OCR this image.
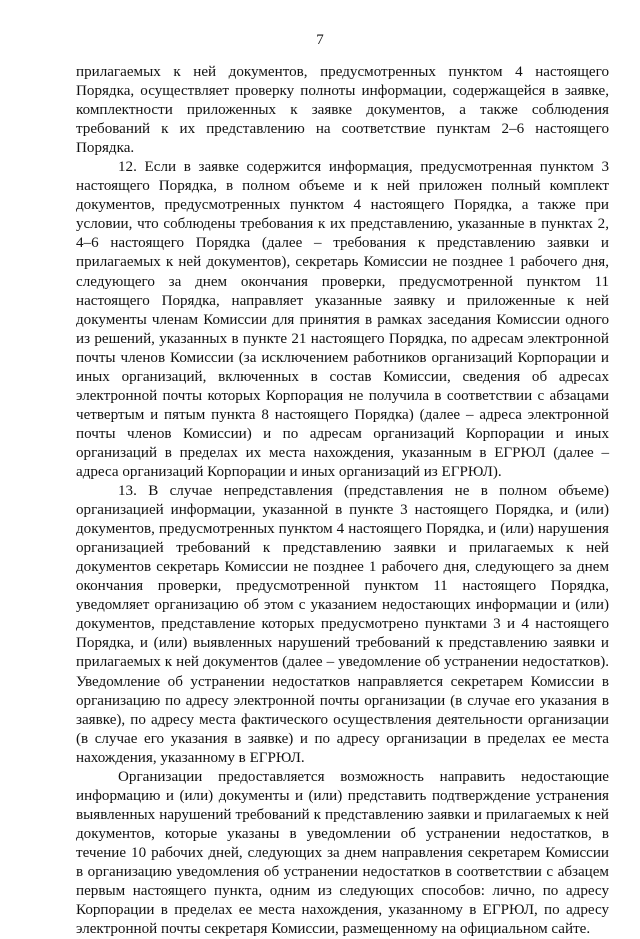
7

прилагаемых к ней документов, предусмотренных пунктом 4 настоящего Порядка, осуществляет проверку полноты информации, содержащейся в заявке, комплектности приложенных к заявке документов, а также соблюдения требований к их представлению на соответствие пунктам 2–6 настоящего Порядка.

12. Если в заявке содержится информация, предусмотренная пунктом 3 настоящего Порядка, в полном объеме и к ней приложен полный комплект документов, предусмотренных пунктом 4 настоящего Порядка, а также при условии, что соблюдены требования к их представлению, указанные в пунктах 2, 4–6 настоящего Порядка (далее – требования к представлению заявки и прилагаемых к ней документов), секретарь Комиссии не позднее 1 рабочего дня, следующего за днем окончания проверки, предусмотренной пунктом 11 настоящего Порядка, направляет указанные заявку и приложенные к ней документы членам Комиссии для принятия в рамках заседания Комиссии одного из решений, указанных в пункте 21 настоящего Порядка, по адресам электронной почты членов Комиссии (за исключением работников организаций Корпорации и иных организаций, включенных в состав Комиссии, сведения об адресах электронной почты которых Корпорация не получила в соответствии с абзацами четвертым и пятым пункта 8 настоящего Порядка) (далее – адреса электронной почты членов Комиссии) и по адресам организаций Корпорации и иных организаций в пределах их места нахождения, указанным в ЕГРЮЛ (далее – адреса организаций Корпорации и иных организаций из ЕГРЮЛ).

13. В случае непредставления (представления не в полном объеме) организацией информации, указанной в пункте 3 настоящего Порядка, и (или) документов, предусмотренных пунктом 4 настоящего Порядка, и (или) нарушения организацией требований к представлению заявки и прилагаемых к ней документов секретарь Комиссии не позднее 1 рабочего дня, следующего за днем окончания проверки, предусмотренной пунктом 11 настоящего Порядка, уведомляет организацию об этом с указанием недостающих информации и (или) документов, представление которых предусмотрено пунктами 3 и 4 настоящего Порядка, и (или) выявленных нарушений требований к представлению заявки и прилагаемых к ней документов (далее – уведомление об устранении недостатков). Уведомление об устранении недостатков направляется секретарем Комиссии в организацию по адресу электронной почты организации (в случае его указания в заявке), по адресу места фактического осуществления деятельности организации (в случае его указания в заявке) и по адресу организации в пределах ее места нахождения, указанному в ЕГРЮЛ.

Организации предоставляется возможность направить недостающие информацию и (или) документы и (или) представить подтверждение устранения выявленных нарушений требований к представлению заявки и прилагаемых к ней документов, которые указаны в уведомлении об устранении недостатков, в течение 10 рабочих дней, следующих за днем направления секретарем Комиссии в организацию уведомления об устранении недостатков в соответствии с абзацем первым настоящего пункта, одним из следующих способов: лично, по адресу Корпорации в пределах ее места нахождения, указанному в ЕГРЮЛ, по адресу электронной почты секретаря Комиссии, размещенному на официальном сайте.
